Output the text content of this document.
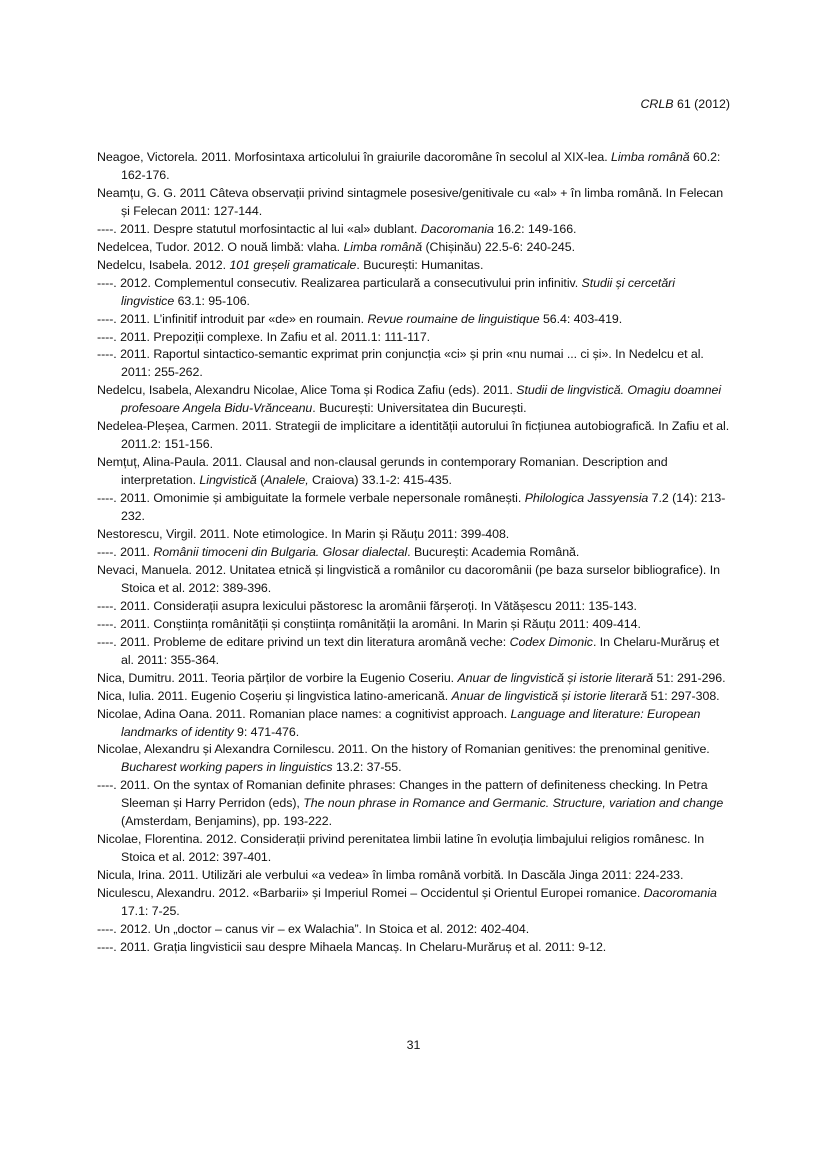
CRLB 61 (2012)
Neagoe, Victorela. 2011. Morfosintaxa articolului în graiurile dacoromâne în secolul al XIX-lea. Limba română 60.2: 162-176.
Neamțu, G. G. 2011 Câteva observații privind sintagmele posesive/genitivale cu «al» + în limba română. In Felecan și Felecan 2011: 127-144.
----. 2011. Despre statutul morfosintactic al lui «al» dublant. Dacoromania 16.2: 149-166.
Nedelcea, Tudor. 2012. O nouă limbă: vlaha. Limba română (Chișinău) 22.5-6: 240-245.
Nedelcu, Isabela. 2012. 101 greșeli gramaticale. București: Humanitas.
----. 2012. Complementul consecutiv. Realizarea particulară a consecutivului prin infinitiv. Studii și cercetări lingvistice 63.1: 95-106.
----. 2011. L’infinitif introduit par «de» en roumain. Revue roumaine de linguistique 56.4: 403-419.
----. 2011. Prepoziții complexe. In Zafiu et al. 2011.1: 111-117.
----. 2011. Raportul sintactico-semantic exprimat prin conjuncția «ci» și prin «nu numai ... ci și». In Nedelcu et al. 2011: 255-262.
Nedelcu, Isabela, Alexandru Nicolae, Alice Toma și Rodica Zafiu (eds). 2011. Studii de lingvistică. Omagiu doamnei profesoare Angela Bidu-Vrănceanu. București: Universitatea din București.
Nedelea-Pleșea, Carmen. 2011. Strategii de implicitare a identității autorului în ficțiunea autobiografică. In Zafiu et al. 2011.2: 151-156.
Nemțuț, Alina-Paula. 2011. Clausal and non-clausal gerunds in contemporary Romanian. Description and interpretation. Lingvistică (Analele, Craiova) 33.1-2: 415-435.
----. 2011. Omonimie și ambiguitate la formele verbale nepersonale românești. Philologica Jassyensia 7.2 (14): 213-232.
Nestorescu, Virgil. 2011. Note etimologice. In Marin și Răuțu 2011: 399-408.
----. 2011. Românii timoceni din Bulgaria. Glosar dialectal. București: Academia Română.
Nevaci, Manuela. 2012. Unitatea etnică și lingvistică a românilor cu dacoromânii (pe baza surselor bibliografice). In Stoica et al. 2012: 389-396.
----. 2011. Considerații asupra lexicului păstoresc la aromânii fărșeroți. In Vătășescu 2011: 135-143.
----. 2011. Conștiința românității și conștiința românității la aromâni. In Marin și Răuțu 2011: 409-414.
----. 2011. Probleme de editare privind un text din literatura aromână veche: Codex Dimonic. In Chelaru-Murăruș et al. 2011: 355-364.
Nica, Dumitru. 2011. Teoria părților de vorbire la Eugenio Coseriu. Anuar de lingvistică și istorie literară 51: 291-296.
Nica, Iulia. 2011. Eugenio Coșeriu și lingvistica latino-americană. Anuar de lingvistică și istorie literară 51: 297-308.
Nicolae, Adina Oana. 2011. Romanian place names: a cognitivist approach. Language and literature: European landmarks of identity 9: 471-476.
Nicolae, Alexandru și Alexandra Cornilescu. 2011. On the history of Romanian genitives: the prenominal genitive. Bucharest working papers in linguistics 13.2: 37-55.
----. 2011. On the syntax of Romanian definite phrases: Changes in the pattern of definiteness checking. In Petra Sleeman și Harry Perridon (eds), The noun phrase in Romance and Germanic. Structure, variation and change (Amsterdam, Benjamins), pp. 193-222.
Nicolae, Florentina. 2012. Considerații privind perenitatea limbii latine în evoluția limbajului religios românesc. In Stoica et al. 2012: 397-401.
Nicula, Irina. 2011. Utilizări ale verbului «a vedea» în limba română vorbită. In Dascăla Jinga 2011: 224-233.
Niculescu, Alexandru. 2012. «Barbarii» și Imperiul Romei – Occidentul și Orientul Europei romanice. Dacoromania 17.1: 7-25.
----. 2012. Un „doctor – canus vir – ex Walachia”. In Stoica et al. 2012: 402-404.
----. 2011. Grația lingvisticii sau despre Mihaela Mancaș. In Chelaru-Murăruș et al. 2011: 9-12.
31
